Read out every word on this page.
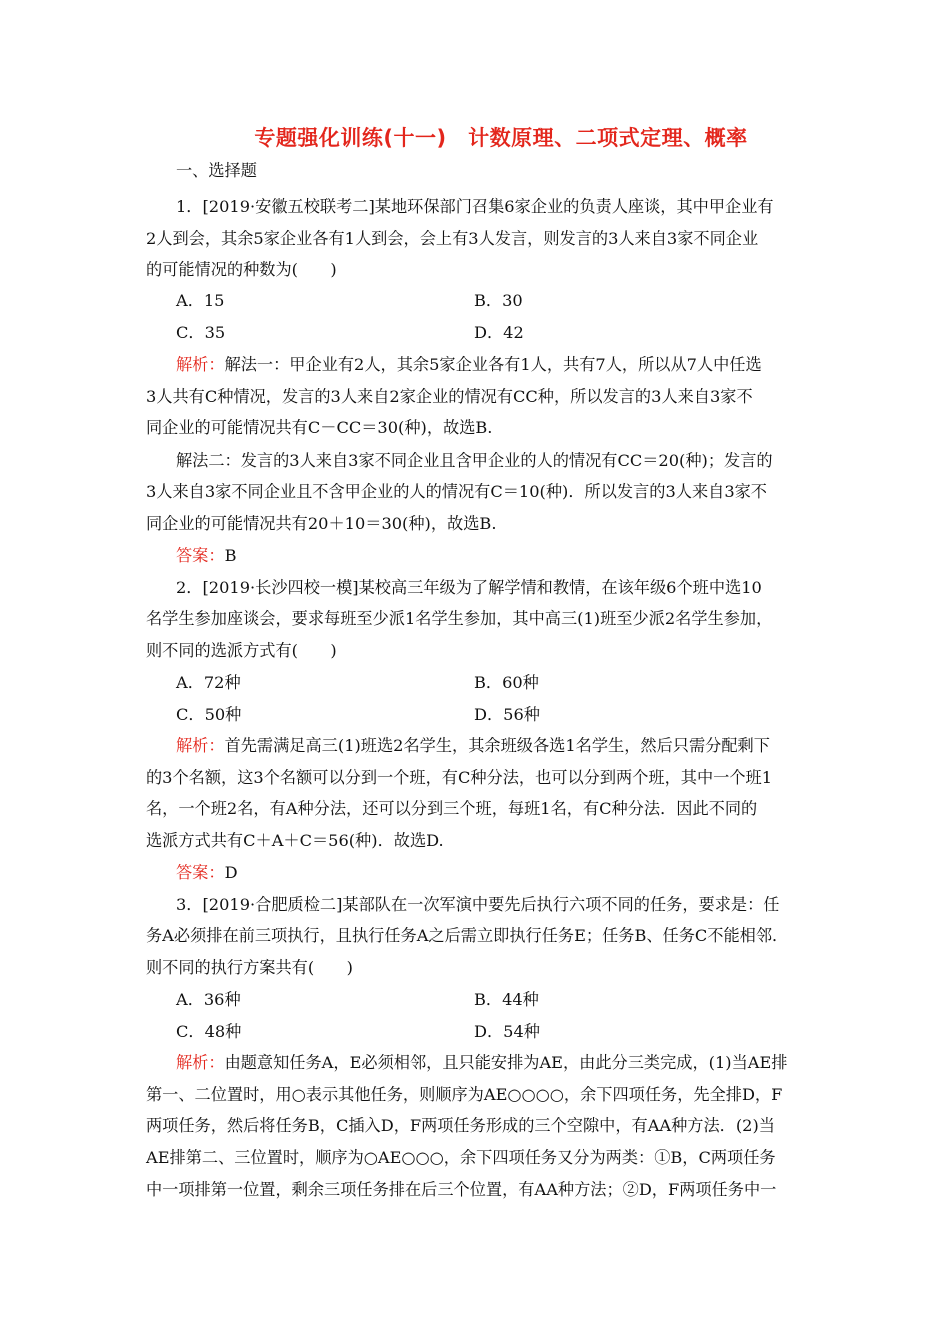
专题强化训练(十一)　计数原理、二项式定理、概率
一、选择题
1．[2019·安徽五校联考二]某地环保部门召集6家企业的负责人座谈，其中甲企业有
2人到会，其余5家企业各有1人到会，会上有3人发言，则发言的3人来自3家不同企业
的可能情况的种数为(　　)
A．15	B．30
C．35	D．42
解析：解法一：甲企业有2人，其余5家企业各有1人，共有7人，所以从7人中任选
3人共有C种情况，发言的3人来自2家企业的情况有CC种，所以发言的3人来自3家不
同企业的可能情况共有C－CC＝30(种)，故选B.
解法二：发言的3人来自3家不同企业且含甲企业的人的情况有CC＝20(种)；发言的
3人来自3家不同企业且不含甲企业的人的情况有C＝10(种)．所以发言的3人来自3家不
同企业的可能情况共有20＋10＝30(种)，故选B.
答案：B
2．[2019·长沙四校一模]某校高三年级为了解学情和教情，在该年级6个班中选10
名学生参加座谈会，要求每班至少派1名学生参加，其中高三(1)班至少派2名学生参加，
则不同的选派方式有(　　)
A．72种	B．60种
C．50种	D．56种
解析：首先需满足高三(1)班选2名学生，其余班级各选1名学生，然后只需分配剩下
的3个名额，这3个名额可以分到一个班，有C种分法，也可以分到两个班，其中一个班1
名，一个班2名，有A种分法，还可以分到三个班，每班1名，有C种分法．因此不同的
选派方式共有C＋A＋C＝56(种)．故选D.
答案：D
3．[2019·合肥质检二]某部队在一次军演中要先后执行六项不同的任务，要求是：任
务A必须排在前三项执行，且执行任务A之后需立即执行任务E；任务B、任务C不能相邻．
则不同的执行方案共有(　　)
A．36种	B．44种
C．48种	D．54种
解析：由题意知任务A，E必须相邻，且只能安排为AE，由此分三类完成，(1)当AE排
第一、二位置时，用○表示其他任务，则顺序为AE○○○○，余下四项任务，先全排D，F
两项任务，然后将任务B，C插入D，F两项任务形成的三个空隙中，有AA种方法．(2)当
AE排第二、三位置时，顺序为○AE○○○，余下四项任务又分为两类：①B，C两项任务
中一项排第一位置，剩余三项任务排在后三个位置，有AA种方法；②D，F两项任务中一
